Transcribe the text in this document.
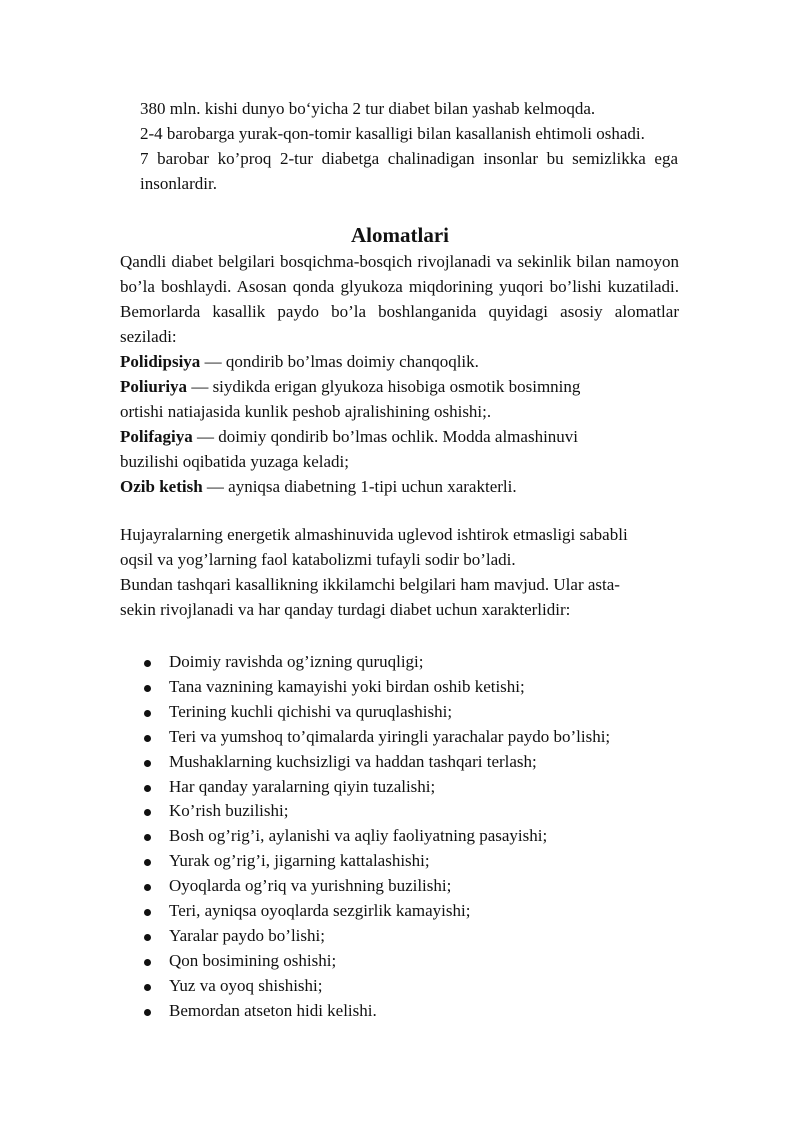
380 mln. kishi dunyo bo‘yicha 2 tur diabet bilan yashab kelmoqda.

2-4 barobarga yurak-qon-tomir kasalligi bilan kasallanish ehtimoli oshadi.

7 barobar ko’proq 2-tur diabetga chalinadigan insonlar bu semizlikka ega insonlardir.

Alomatlari

Qandli diabet belgilari bosqichma-bosqich rivojlanadi va sekinlik bilan namoyon bo’la boshlaydi. Asosan qonda glyukoza miqdorining yuqori bo’lishi kuzatiladi. Bemorlarda kasallik paydo bo’la boshlanganida quyidagi asosiy alomatlar seziladi:

Polidipsiya — qondirib bo’lmas doimiy chanqoqlik.

Poliuriya — siydikda erigan glyukoza hisobiga osmotik bosimning
ortishi natiajasida kunlik peshob ajralishining oshishi;.

Polifagiya — doimiy qondirib bo’lmas ochlik. Modda almashinuvi
buzilishi oqibatida yuzaga keladi;

Ozib ketish — ayniqsa diabetning 1-tipi uchun xarakterli.

Hujayralarning energetik almashinuvida uglevod ishtirok etmasligi sababli

oqsil va yog’larning faol katabolizmi tufayli sodir bo’ladi.

Bundan tashqari kasallikning ikkilamchi belgilari ham mavjud. Ular asta-

sekin rivojlanadi va har qanday turdagi diabet uchun xarakterlidir:

Doimiy ravishda og’izning quruqligi;
Tana vaznining kamayishi yoki birdan oshib ketishi;
Terining kuchli qichishi va quruqlashishi;
Teri va yumshoq to’qimalarda yiringli yarachalar paydo bo’lishi;
Mushaklarning kuchsizligi va haddan tashqari terlash;
Har qanday yaralarning qiyin tuzalishi;
Ko’rish buzilishi;
Bosh og’rig’i, aylanishi va aqliy faoliyatning pasayishi;
Yurak og’rig’i, jigarning kattalashishi;
Oyoqlarda og’riq va yurishning buzilishi;
Teri, ayniqsa oyoqlarda sezgirlik kamayishi;
Yaralar paydo bo’lishi;
Qon bosimining oshishi;
Yuz va oyoq shishishi;
Bemordan atseton hidi kelishi.
